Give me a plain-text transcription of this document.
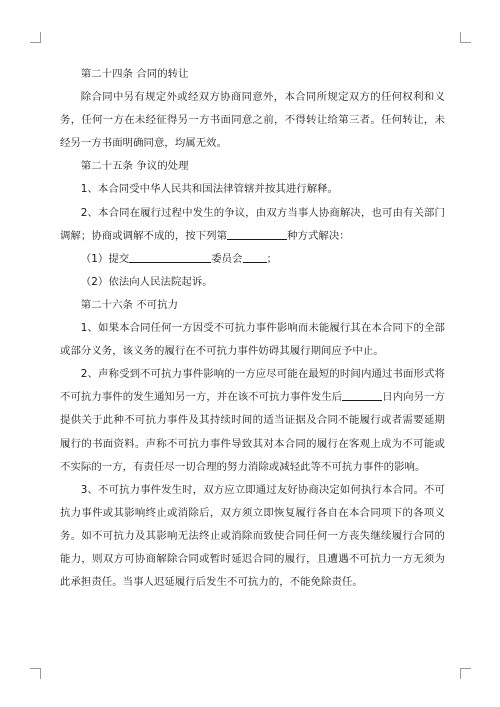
第二十四条 合同的转让

除合同中另有规定外或经双方协商同意外，本合同所规定双方的任何权利和义务，任何一方在未经征得另一方书面同意之前，不得转让给第三者。任何转让，未经另一方书面明确同意，均属无效。

第二十五条 争议的处理

1、本合同受中华人民共和国法律管辖并按其进行解释。

2、本合同在履行过程中发生的争议，由双方当事人协商解决，也可由有关部门调解；协商或调解不成的，按下列第	种方式解决：

（1）提交	委员会 ；

（2）依法向人民法院起诉。

第二十六条 不可抗力

1、如果本合同任何一方因受不可抗力事件影响而未能履行其在本合同下的全部或部分义务，该义务的履行在不可抗力事件妨碍其履行期间应予中止。

2、声称受到不可抗力事件影响的一方应尽可能在最短的时间内通过书面形式将不可抗力事件的发生通知另一方，并在该不可抗力事件发生后	日内向另一方提供关于此种不可抗力事件及其持续时间的适当证据及合同不能履行或者需要延期履行的书面资料。声称不可抗力事件导致其对本合同的履行在客观上成为不可能或不实际的一方，有责任尽一切合理的努力消除或减轻此等不可抗力事件的影响。

3、不可抗力事件发生时，双方应立即通过友好协商决定如何执行本合同。不可抗力事件或其影响终止或消除后，双方须立即恢复履行各自在本合同项下的各项义务。如不可抗力及其影响无法终止或消除而致使合同任何一方丧失继续履行合同的能力，则双方可协商解除合同或暂时延迟合同的履行，且遭遇不可抗力一方无须为此承担责任。当事人迟延履行后发生不可抗力的，不能免除责任。
